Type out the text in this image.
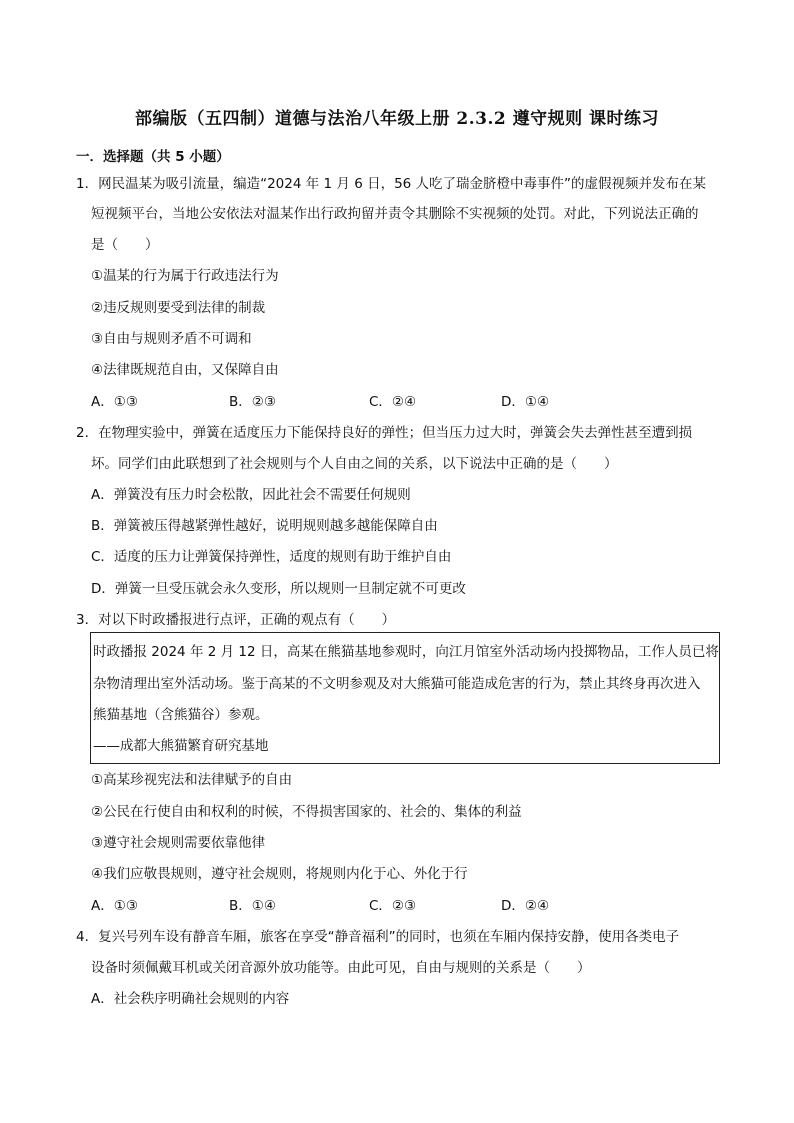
部编版（五四制）道德与法治八年级上册 2.3.2 遵守规则 课时练习
一．选择题（共 5 小题）
1．网民温某为吸引流量，编造“2024 年 1 月 6 日，56 人吃了瑞金脐橙中毒事件”的虚假视频并发布在某
短视频平台，当地公安依法对温某作出行政拘留并责令其删除不实视频的处罚。对此，下列说法正确的
是（　　）
①温某的行为属于行政违法行为
②违反规则要受到法律的制裁
③自由与规则矛盾不可调和
④法律既规范自由，又保障自由
A．①③	B．②③	C．②④	D．①④
2．在物理实验中，弹簧在适度压力下能保持良好的弹性；但当压力过大时，弹簧会失去弹性甚至遭到损
坏。同学们由此联想到了社会规则与个人自由之间的关系，以下说法中正确的是（　　）
A．弹簧没有压力时会松散，因此社会不需要任何规则
B．弹簧被压得越紧弹性越好，说明规则越多越能保障自由
C．适度的压力让弹簧保持弹性，适度的规则有助于维护自由
D．弹簧一旦受压就会永久变形，所以规则一旦制定就不可更改
3．对以下时政播报进行点评，正确的观点有（　　）
时政播报 2024 年 2 月 12 日，高某在熊猫基地参观时，向江月馆室外活动场内投掷物品，工作人员已将
杂物清理出室外活动场。鉴于高某的不文明参观及对大熊猫可能造成危害的行为，禁止其终身再次进入
熊猫基地（含熊猫谷）参观。
——成都大熊猫繁育研究基地
①高某珍视宪法和法律赋予的自由
②公民在行使自由和权利的时候，不得损害国家的、社会的、集体的利益
③遵守社会规则需要依靠他律
④我们应敬畏规则，遵守社会规则，将规则内化于心、外化于行
A．①③	B．①④	C．②③	D．②④
4．复兴号列车设有静音车厢，旅客在享受“静音福利”的同时，也须在车厢内保持安静，使用各类电子
设备时须佩戴耳机或关闭音源外放功能等。由此可见，自由与规则的关系是（　　）
A．社会秩序明确社会规则的内容
